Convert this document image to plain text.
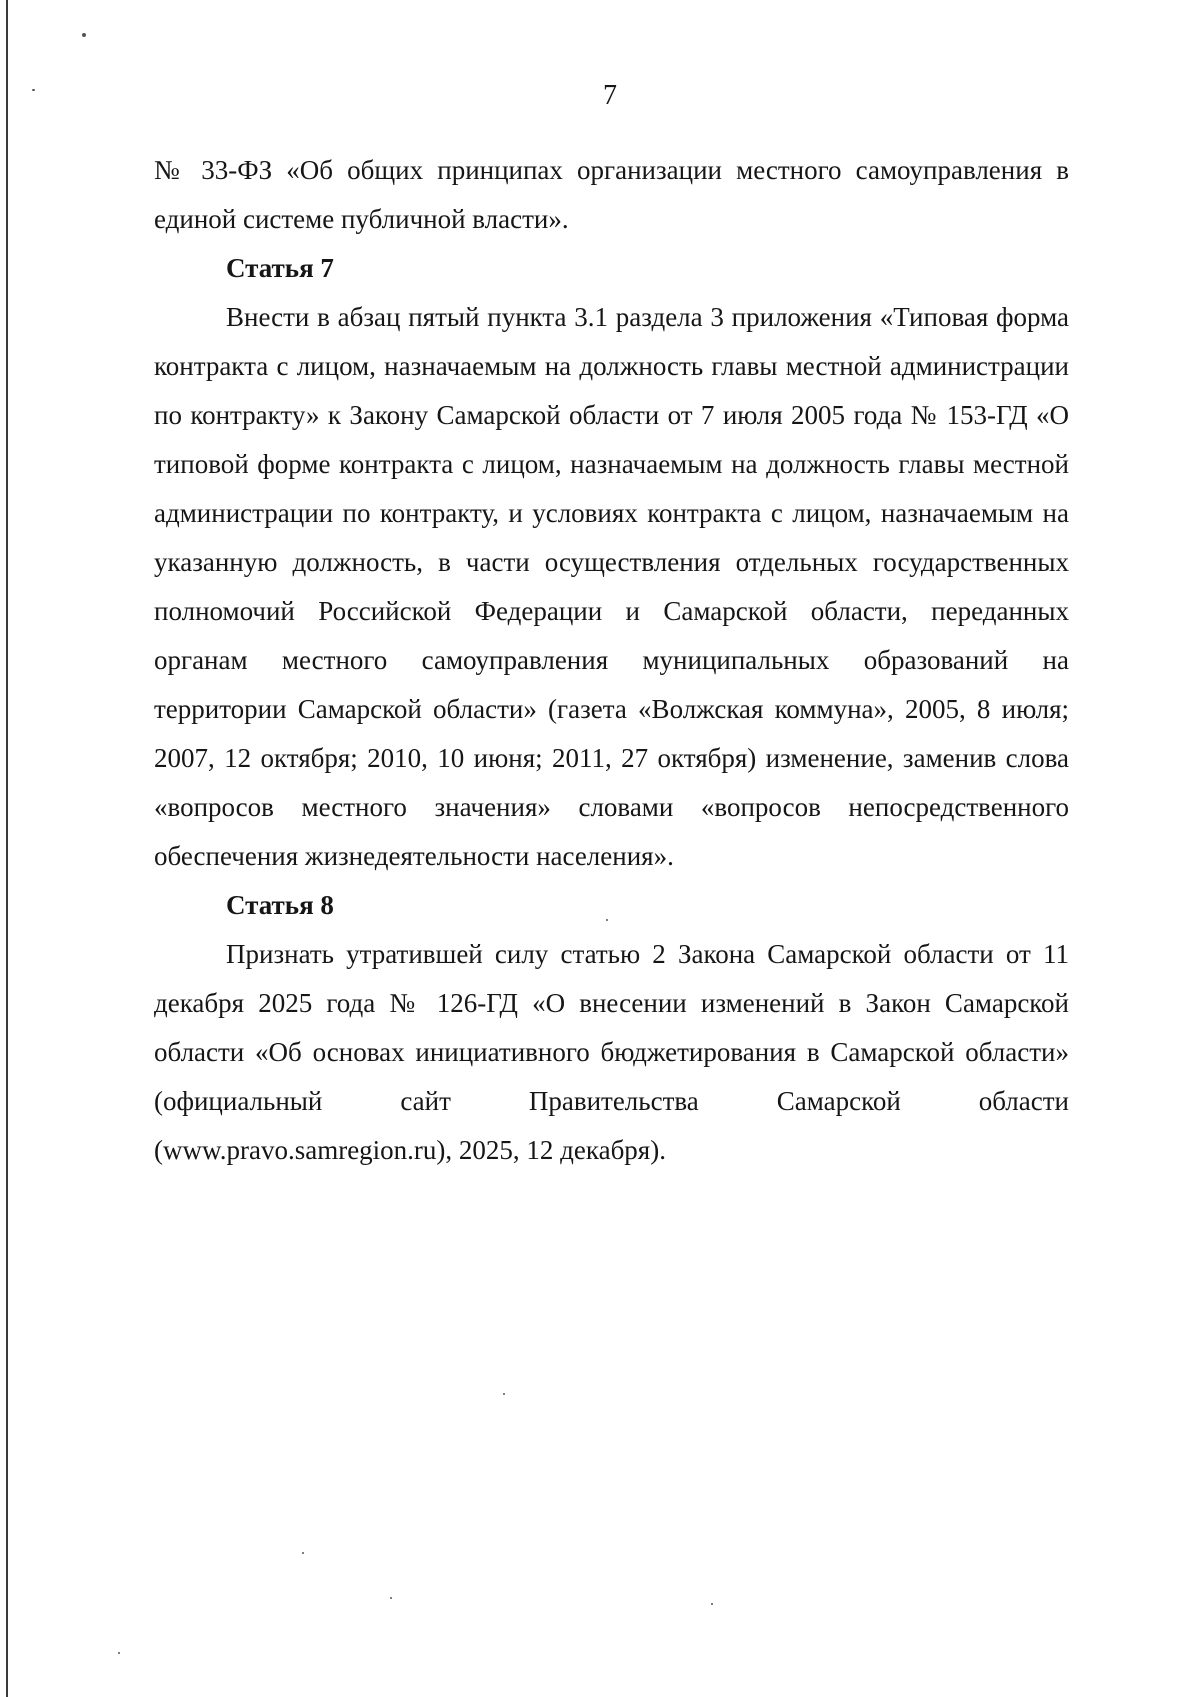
7

№ 33-ФЗ «Об общих принципах организации местного самоуправления в единой системе публичной власти».

Статья 7

Внести в абзац пятый пункта 3.1 раздела 3 приложения «Типовая форма контракта с лицом, назначаемым на должность главы местной администрации по контракту» к Закону Самарской области от 7 июля 2005 года № 153-ГД «О типовой форме контракта с лицом, назначаемым на должность главы местной администрации по контракту, и условиях контракта с лицом, назначаемым на указанную должность, в части осуществления отдельных государственных полномочий Российской Федерации и Самарской области, переданных органам местного самоуправления муниципальных образований на территории Самарской области» (газета «Волжская коммуна», 2005, 8 июля; 2007, 12 октября; 2010, 10 июня; 2011, 27 октября) изменение, заменив слова «вопросов местного значения» словами «вопросов непосредственного обеспечения жизнедеятельности населения».

Статья 8

Признать утратившей силу статью 2 Закона Самарской области от 11 декабря 2025 года № 126-ГД «О внесении изменений в Закон Самарской области «Об основах инициативного бюджетирования в Самарской области» (официальный сайт Правительства Самарской области (www.pravo.samregion.ru), 2025, 12 декабря).
